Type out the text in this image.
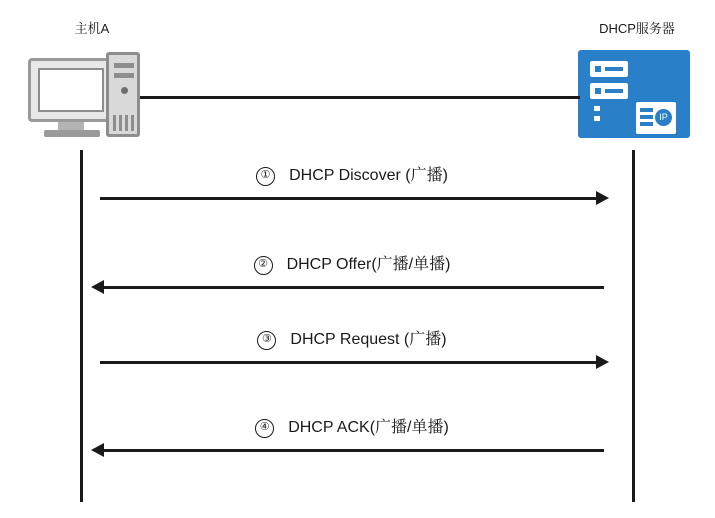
主机A	DHCP服务器
IP
① DHCP Discover (广播)
② DHCP Offer(广播/单播)
③ DHCP Request (广播)
④ DHCP ACK(广播/单播)
